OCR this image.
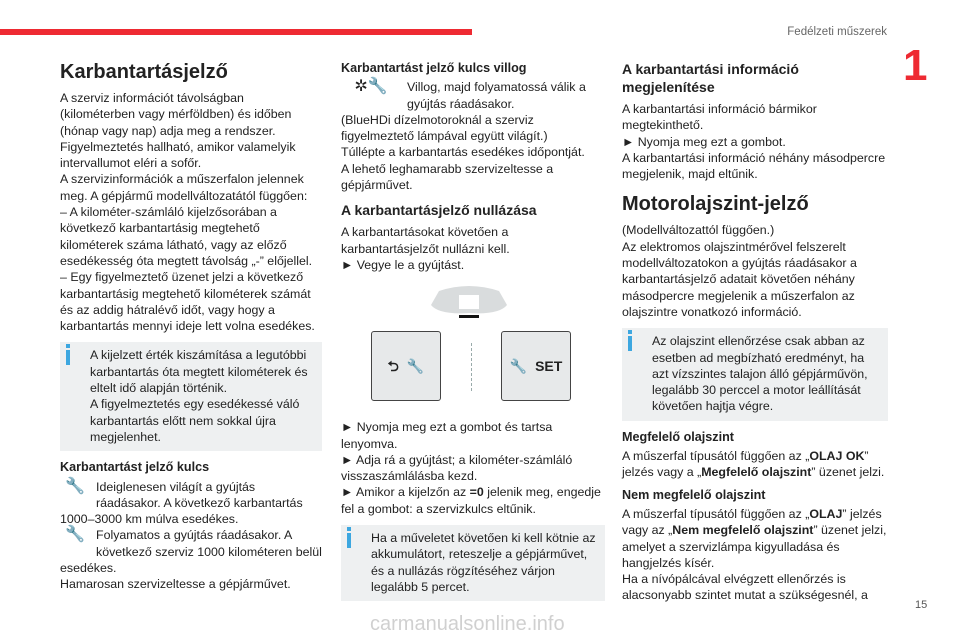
Fedélzeti műszerek
1
Karbantartásjelző

A szerviz információt távolságban (kilométerben vagy mérföldben) és időben (hónap vagy nap) adja meg a rendszer.

Figyelmeztetés hallható, amikor valamelyik intervallumot eléri a sofőr.

A szervizinformációk a műszerfalon jelennek meg. A gépjármű modellváltozatától függően:

– A kilométer-számláló kijelzősorában a következő karbantartásig megtehető kilométerek száma látható, vagy az előző esedékesség óta megtett távolság „-” előjellel.

– Egy figyelmeztető üzenet jelzi a következő karbantartásig megtehető kilométerek számát és az addig hátralévő időt, vagy hogy a karbantartás mennyi ideje lett volna esedékes.

A kijelzett érték kiszámítása a legutóbbi karbantartás óta megtett kilométerek és eltelt idő alapján történik.

A figyelmeztetés egy esedékessé váló karbantartás előtt nem sokkal újra megjelenhet.

Karbantartást jelző kulcs

🔧 Ideiglenesen világít a gyújtás ráadásakor. A következő karbantartás 1000–3000 km múlva esedékes.

🔧 Folyamatos a gyújtás ráadásakor. A következő szerviz 1000 kilométeren belül esedékes.

Hamarosan szervizeltesse a gépjárművet.

Karbantartást jelző kulcs villog

✲🔧	Villog, majd folyamatossá válik a gyújtás ráadásakor.

(BlueHDi dízelmotoroknál a szerviz figyelmeztető lámpával együtt világít.)

Túllépte a karbantartás esedékes időpontját.

A lehető leghamarabb szervizeltesse a gépjárművet.

A karbantartásjelző nullázása

A karbantartásokat követően a karbantartásjelzőt nullázni kell.

► Vegye le a gyújtást.

⮌ 🔧	🔧 SET

► Nyomja meg ezt a gombot és tartsa lenyomva.

► Adja rá a gyújtást; a kilométer-számláló visszaszámlálásba kezd.

► Amikor a kijelzőn az =0 jelenik meg, engedje fel a gombot: a szervizkulcs eltűnik.

Ha a műveletet követően ki kell kötnie az akkumulátort, reteszelje a gépjárművet, és a nullázás rögzítéséhez várjon legalább 5 percet.

A karbantartási információ megjelenítése

A karbantartási információ bármikor megtekinthető.

► Nyomja meg ezt a gombot.

A karbantartási információ néhány másodpercre megjelenik, majd eltűnik.

Motorolajszint-jelző

(Modellváltozattól függően.)

Az elektromos olajszintmérővel felszerelt modellváltozatokon a gyújtás ráadásakor a karbantartásjelző adatait követően néhány másodpercre megjelenik a műszerfalon az olajszintre vonatkozó információ.

Az olajszint ellenőrzése csak abban az esetben ad megbízható eredményt, ha azt vízszintes talajon álló gépjárművön, legalább 30 perccel a motor leállítását követően hajtja végre.

Megfelelő olajszint

A műszerfal típusától függően az „OLAJ OK” jelzés vagy a „Megfelelő olajszint” üzenet jelzi.

Nem megfelelő olajszint

A műszerfal típusától függően az „OLAJ” jelzés vagy az „Nem megfelelő olajszint” üzenet jelzi, amelyet a szervizlámpa kigyulladása és hangjelzés kísér.

Ha a nívópálcával elvégzett ellenőrzés is alacsonyabb szintet mutat a szükségesnél, a

carmanualsonline.info
15
